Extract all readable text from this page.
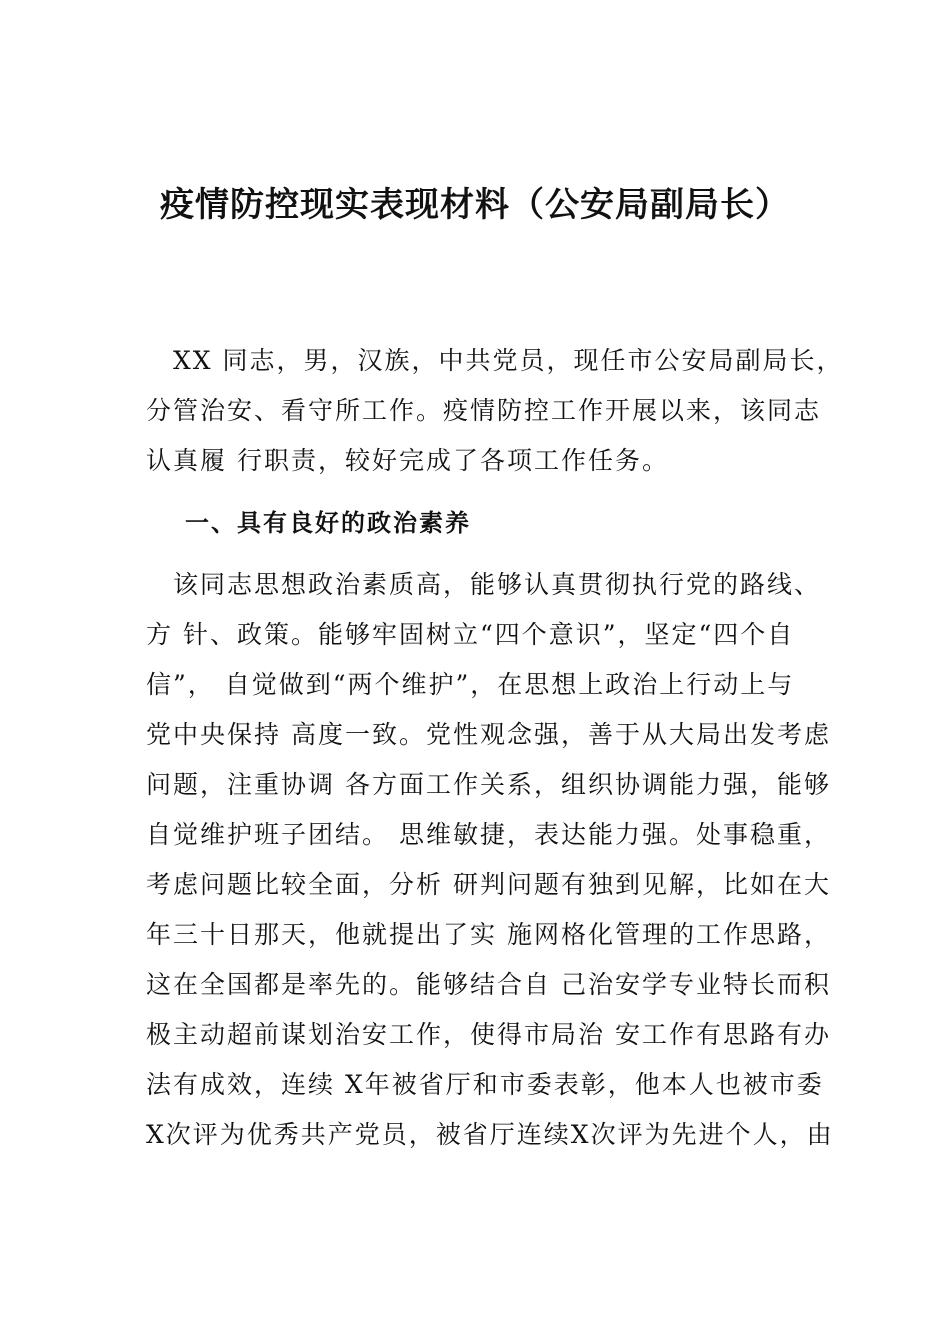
疫情防控现实表现材料（公安局副局长）
　XX 同志，男，汉族，中共党员，现任市公安局副局长，
分管治安、看守所工作。疫情防控工作开展以来，该同志
认真履 行职责，较好完成了各项工作任务。
一、具有良好的政治素养
　该同志思想政治素质高，能够认真贯彻执行党的路线、
方 针、政策。能够牢固树立“四个意识”，坚定“四个自
信”， 自觉做到“两个维护”，在思想上政治上行动上与
党中央保持 高度一致。党性观念强，善于从大局出发考虑
问题，注重协调 各方面工作关系，组织协调能力强，能够
自觉维护班子团结。 思维敏捷，表达能力强。处事稳重，
考虑问题比较全面，分析 研判问题有独到见解，比如在大
年三十日那天，他就提出了实 施网格化管理的工作思路，
这在全国都是率先的。能够结合自 己治安学专业特长而积
极主动超前谋划治安工作，使得市局治 安工作有思路有办
法有成效，连续 X年被省厅和市委表彰，他本人也被市委
X次评为优秀共产党员，被省厅连续X次评为先进个人，由
